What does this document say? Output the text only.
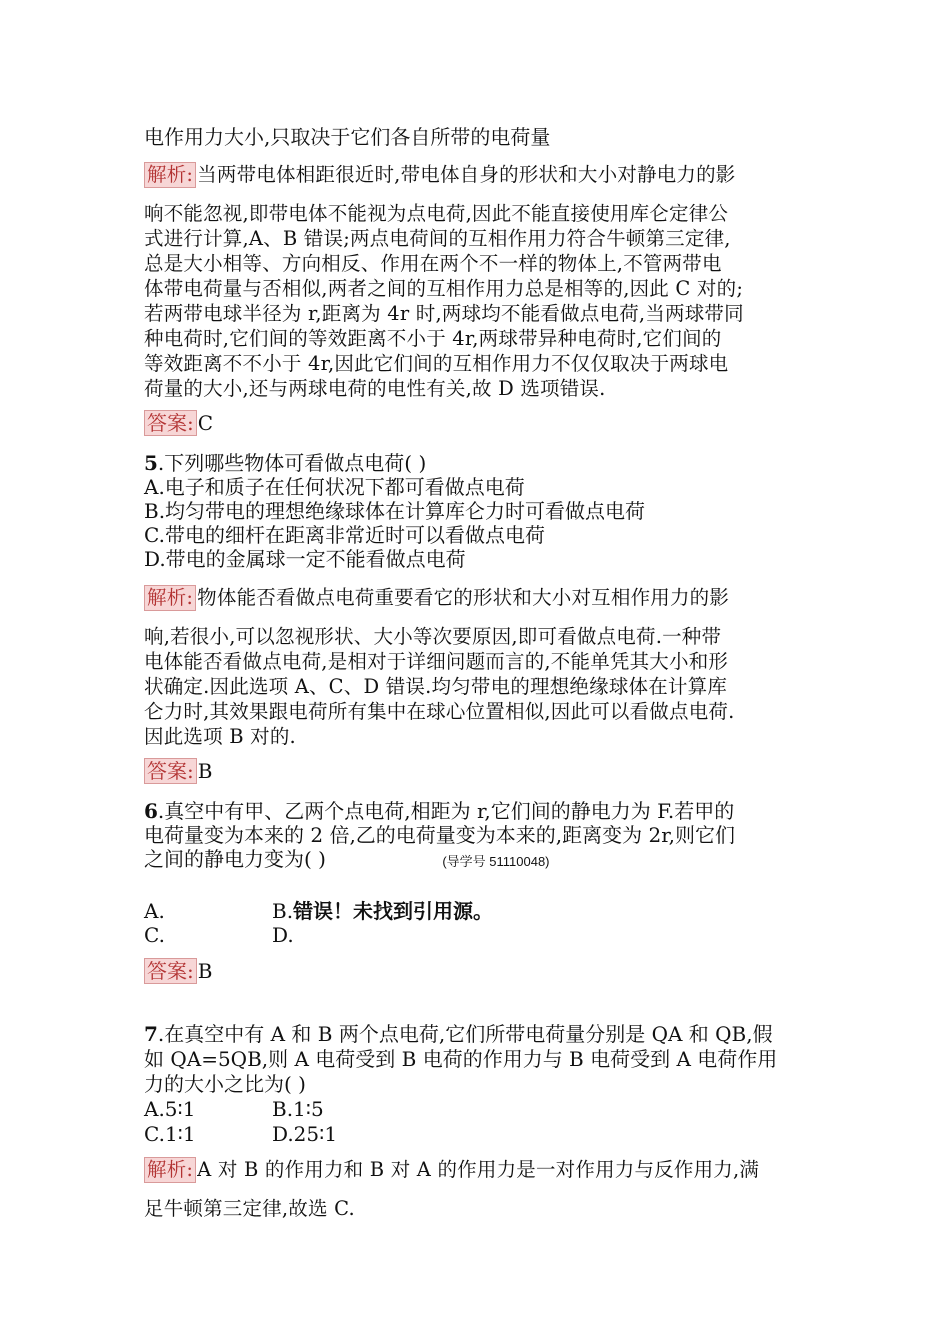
电作用力大小,只取决于它们各自所带的电荷量
解析: 当两带电体相距很近时,带电体自身的形状和大小对静电力的影
响不能忽视,即带电体不能视为点电荷,因此不能直接使用库仑定律公
式进行计算,A、B 错误;两点电荷间的互相作用力符合牛顿第三定律,
总是大小相等、方向相反、作用在两个不一样的物体上,不管两带电
体带电荷量与否相似,两者之间的互相作用力总是相等的,因此 C 对的;
若两带电球半径为 r,距离为 4r 时,两球均不能看做点电荷,当两球带同
种电荷时,它们间的等效距离不小于 4r,两球带异种电荷时,它们间的
等效距离不不小于 4r,因此它们间的互相作用力不仅仅取决于两球电
荷量的大小,还与两球电荷的电性有关,故 D 选项错误.
答案: C
5.下列哪些物体可看做点电荷( )
A.电子和质子在任何状况下都可看做点电荷
B.均匀带电的理想绝缘球体在计算库仑力时可看做点电荷
C.带电的细杆在距离非常近时可以看做点电荷
D.带电的金属球一定不能看做点电荷
解析: 物体能否看做点电荷重要看它的形状和大小对互相作用力的影
响,若很小,可以忽视形状、大小等次要原因,即可看做点电荷.一种带
电体能否看做点电荷,是相对于详细问题而言的,不能单凭其大小和形
状确定.因此选项 A、C、D 错误.均匀带电的理想绝缘球体在计算库
仑力时,其效果跟电荷所有集中在球心位置相似,因此可以看做点电荷.
因此选项 B 对的.
答案: B
6.真空中有甲、乙两个点电荷,相距为 r,它们间的静电力为 F.若甲的
电荷量变为本来的 2 倍,乙的电荷量变为本来的,距离变为 2r,则它们
之间的静电力变为( )	(导学号 51110048)
A.	B.错误！未找到引用源。
C.	D.
答案: B
7.在真空中有 A 和 B 两个点电荷,它们所带电荷量分别是 QA 和 QB,假
如 QA=5QB,则 A 电荷受到 B 电荷的作用力与 B 电荷受到 A 电荷作用
力的大小之比为( )
A.5∶1	B.1∶5
C.1∶1	D.25∶1
解析: A 对 B 的作用力和 B 对 A 的作用力是一对作用力与反作用力,满
足牛顿第三定律,故选 C.
